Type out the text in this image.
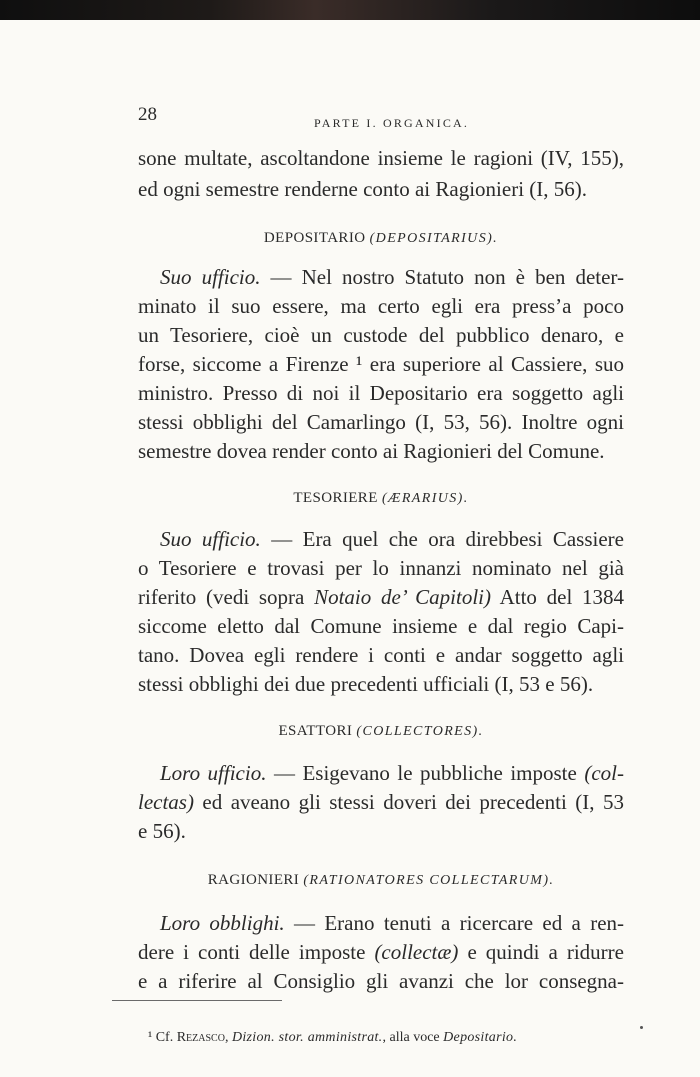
28	PARTE I. ORGANICA.
sone multate, ascoltandone insieme le ragioni (IV, 155),
ed ogni semestre renderne conto ai Ragionieri (I, 56).
DEPOSITARIO (DEPOSITARIUS).
Suo ufficio. — Nel nostro Statuto non è ben deter-
minato il suo essere, ma certo egli era press’a poco
un Tesoriere, cioè un custode del pubblico denaro, e
forse, siccome a Firenze ¹ era superiore al Cassiere, suo
ministro. Presso di noi il Depositario era soggetto agli
stessi obblighi del Camarlingo (I, 53, 56). Inoltre ogni
semestre dovea render conto ai Ragionieri del Comune.
TESORIERE (ÆRARIUS).
Suo ufficio. — Era quel che ora direbbesi Cassiere
o Tesoriere e trovasi per lo innanzi nominato nel già
riferito (vedi sopra Notaio de’ Capitoli) Atto del 1384
siccome eletto dal Comune insieme e dal regio Capi-
tano. Dovea egli rendere i conti e andar soggetto agli
stessi obblighi dei due precedenti ufficiali (I, 53 e 56).
ESATTORI (COLLECTORES).
Loro ufficio. — Esigevano le pubbliche imposte (col-
lectas) ed aveano gli stessi doveri dei precedenti (I, 53
e 56).
RAGIONIERI (RATIONATORES COLLECTARUM).
Loro obblighi. — Erano tenuti a ricercare ed a ren-
dere i conti delle imposte (collectæ) e quindi a ridurre
e a riferire al Consiglio gli avanzi che lor consegna-
¹ Cf. Rezasco, Dizion. stor. amministrat., alla voce Depositario.
